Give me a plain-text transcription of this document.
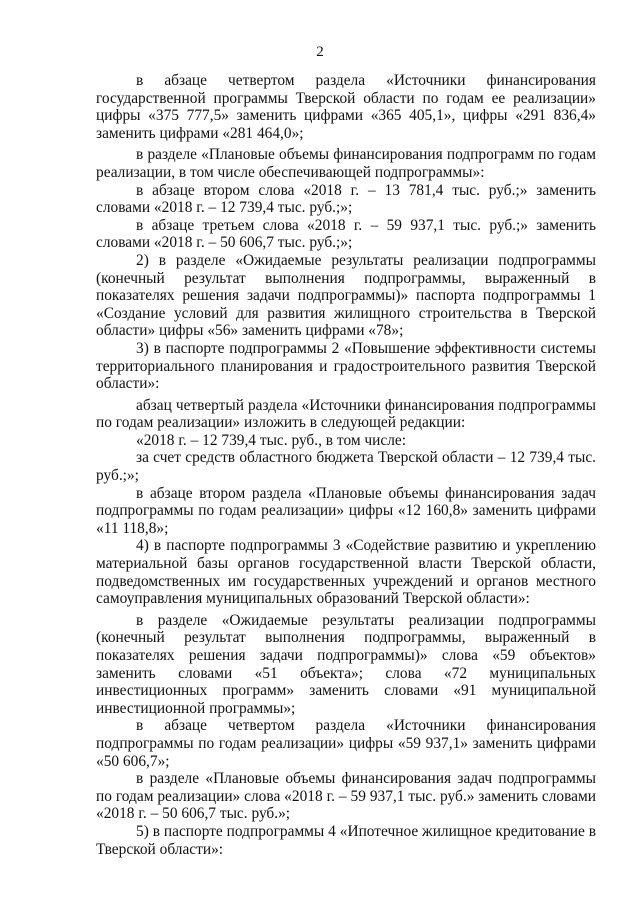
2

в абзаце четвертом раздела «Источники финансирования государственной программы Тверской области по годам ее реализации» цифры «375 777,5» заменить цифрами «365 405,1», цифры «291 836,4» заменить цифрами «281 464,0»;

в разделе «Плановые объемы финансирования подпрограмм по годам реализации, в том числе обеспечивающей подпрограммы»:

в абзаце втором слова «2018 г. – 13 781,4 тыс. руб.;» заменить словами «2018 г. – 12 739,4 тыс. руб.;»;

в абзаце третьем слова «2018 г. – 59 937,1 тыс. руб.;» заменить словами «2018 г. – 50 606,7 тыс. руб.;»;

2) в разделе «Ожидаемые результаты реализации подпрограммы (конечный результат выполнения подпрограммы, выраженный в показателях решения задачи подпрограммы)» паспорта подпрограммы 1 «Создание условий для развития жилищного строительства в Тверской области» цифры «56» заменить цифрами «78»;

3) в паспорте подпрограммы 2 «Повышение эффективности системы территориального планирования и градостроительного развития Тверской области»:

абзац четвертый раздела «Источники финансирования подпрограммы по годам реализации» изложить в следующей редакции:

«2018 г. – 12 739,4 тыс. руб., в том числе:

за счет средств областного бюджета Тверской области – 12 739,4 тыс. руб.;»;

в абзаце втором раздела «Плановые объемы финансирования задач подпрограммы по годам реализации» цифры «12 160,8» заменить цифрами «11 118,8»;

4) в паспорте подпрограммы 3 «Содействие развитию и укреплению материальной базы органов государственной власти Тверской области, подведомственных им государственных учреждений и органов местного самоуправления муниципальных образований Тверской области»:

в разделе «Ожидаемые результаты реализации подпрограммы (конечный результат выполнения подпрограммы, выраженный в показателях решения задачи подпрограммы)» слова «59 объектов» заменить словами «51 объекта»; слова «72 муниципальных инвестиционных программ» заменить словами «91 муниципальной инвестиционной программы»;

в абзаце четвертом раздела «Источники финансирования подпрограммы по годам реализации» цифры «59 937,1» заменить цифрами «50 606,7»;

в разделе «Плановые объемы финансирования задач подпрограммы по годам реализации» слова «2018 г. – 59 937,1 тыс. руб.» заменить словами «2018 г. – 50 606,7 тыс. руб.»;

5) в паспорте подпрограммы 4 «Ипотечное жилищное кредитование в Тверской области»:
